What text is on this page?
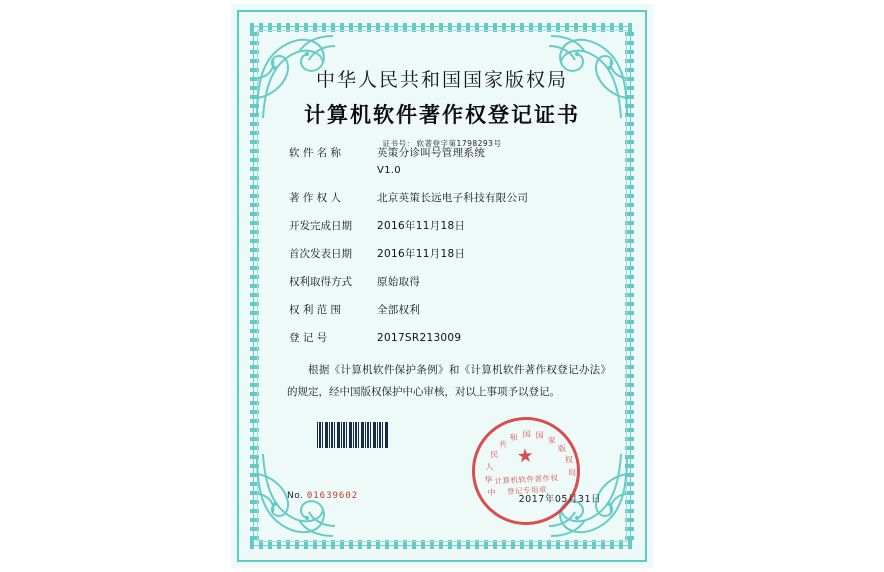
中华人民共和国国家版权局
计算机软件著作权登记证书
证书号： 软著登字第1798293号
软 件 名 称	英策分诊叫号管理系统
V1.0
著 作 权 人	北京英策长远电子科技有限公司
开发完成日期	2016年11月18日
首次发表日期	2016年11月18日
权利取得方式	原始取得
权 利 范 围	全部权利
登 记 号	2017SR213009
根据《计算机软件保护条例》和《计算机软件著作权登记办法》的规定，经中国版权保护中心审核，对以上事项予以登记。
中
华
人
民
共
和 国 国
家
版
权
局
★
计算机软件著作权
登记专用章
No. 01639602	2017年05月31日
